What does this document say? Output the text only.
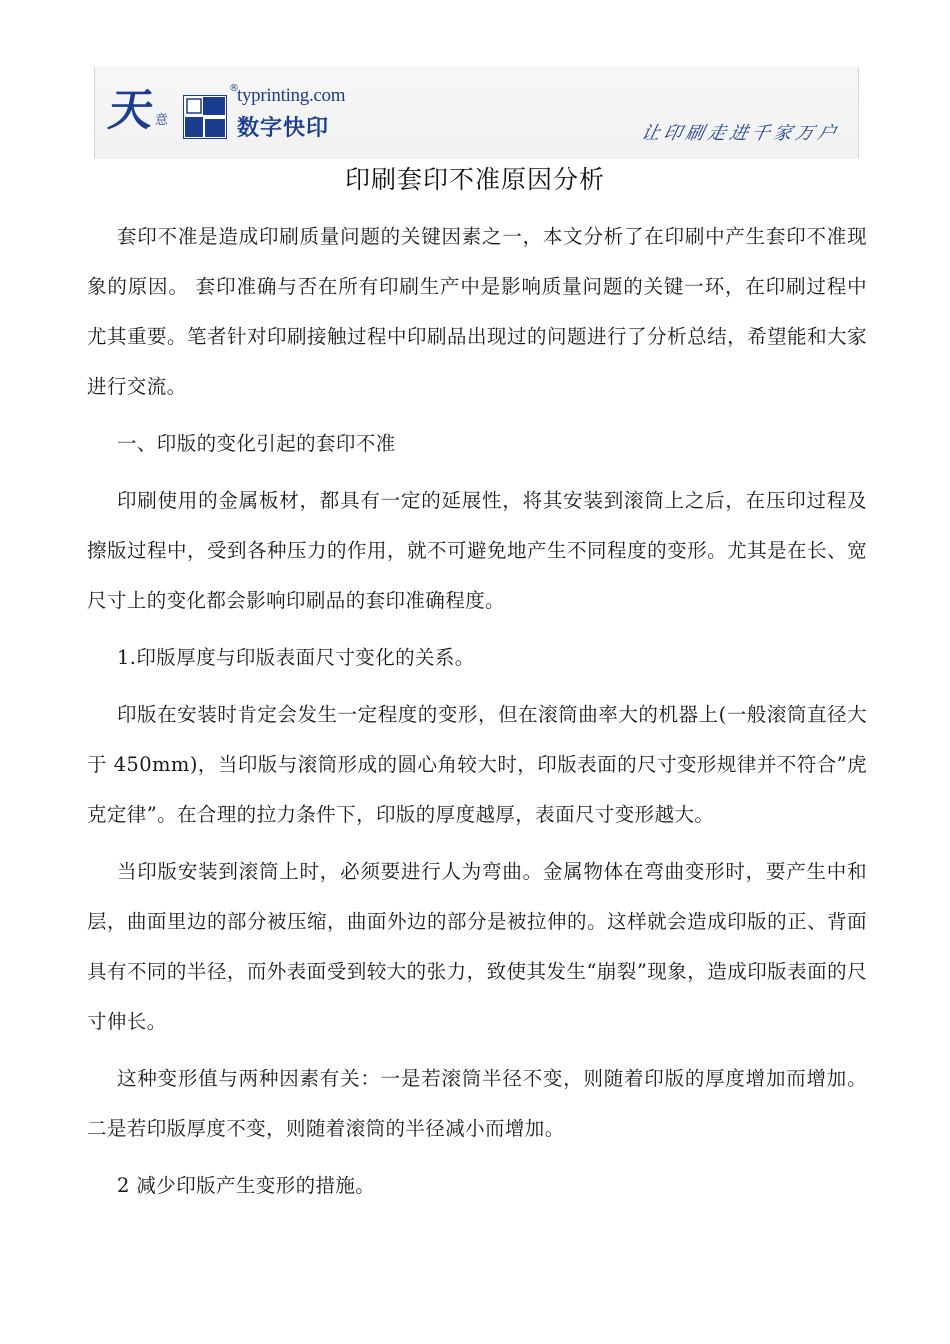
天
意
®
typrinting.com
数字快印	让印刷走进千家万户
印刷套印不准原因分析

套印不准是造成印刷质量问题的关键因素之一，本文分析了在印刷中产生套印不准现象的原因。 套印准确与否在所有印刷生产中是影响质量问题的关键一环，在印刷过程中尤其重要。笔者针对印刷接触过程中印刷品出现过的问题进行了分析总结，希望能和大家进行交流。

一、印版的变化引起的套印不准

印刷使用的金属板材，都具有一定的延展性，将其安装到滚筒上之后，在压印过程及擦版过程中，受到各种压力的作用，就不可避免地产生不同程度的变形。尤其是在长、宽尺寸上的变化都会影响印刷品的套印准确程度。

1.印版厚度与印版表面尺寸变化的关系。

印版在安装时肯定会发生一定程度的变形，但在滚筒曲率大的机器上(一般滚筒直径大于 450mm)，当印版与滚筒形成的圆心角较大时，印版表面的尺寸变形规律并不符合”虎克定律”。在合理的拉力条件下，印版的厚度越厚，表面尺寸变形越大。

当印版安装到滚筒上时，必须要进行人为弯曲。金属物体在弯曲变形时，要产生中和层，曲面里边的部分被压缩，曲面外边的部分是被拉伸的。这样就会造成印版的正、背面具有不同的半径，而外表面受到较大的张力，致使其发生“崩裂”现象，造成印版表面的尺寸伸长。

这种变形值与两种因素有关：一是若滚筒半径不变，则随着印版的厚度增加而增加。二是若印版厚度不变，则随着滚筒的半径减小而增加。

2 减少印版产生变形的措施。
